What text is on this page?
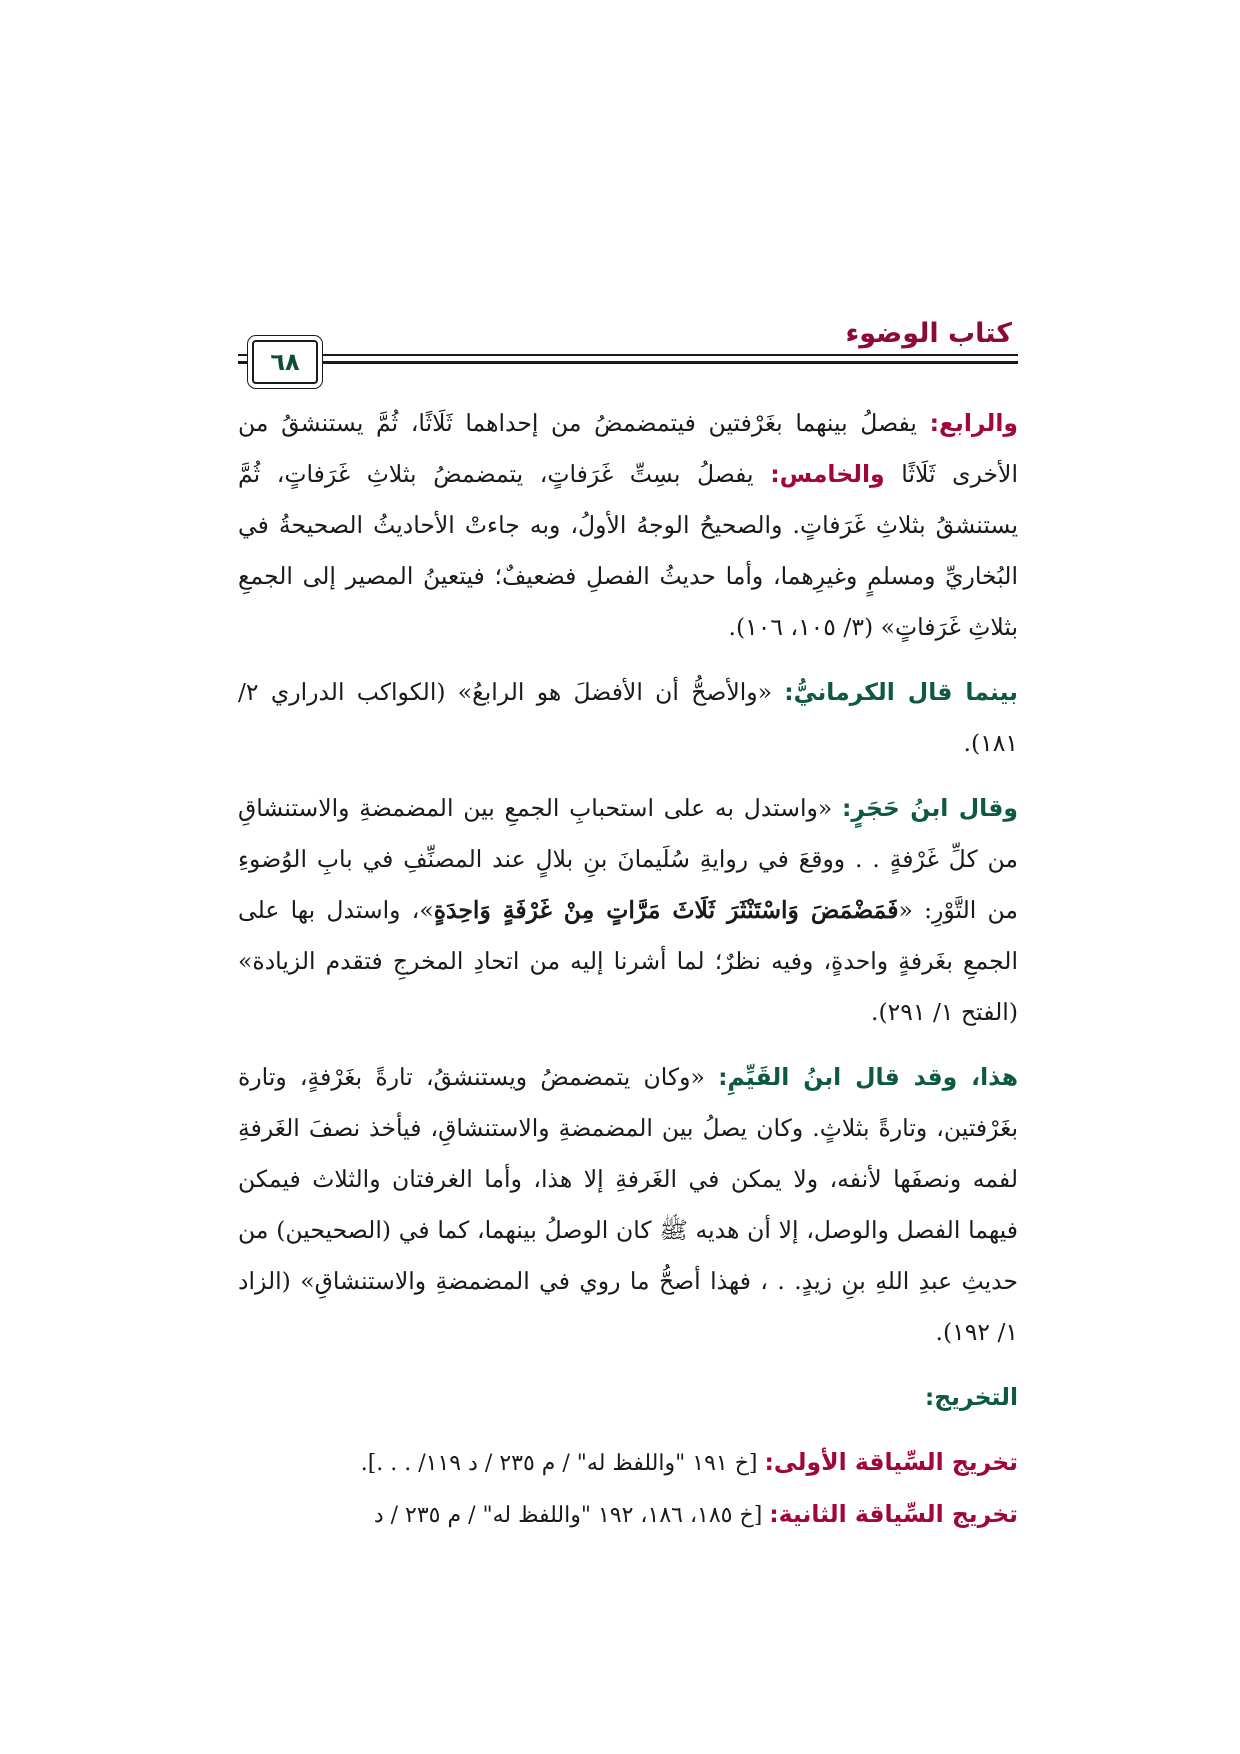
كتاب الوضوء
٦٨

والرابع: يفصلُ بينهما بغَرْفتين فيتمضمضُ من إحداهما ثَلَاثًا، ثُمَّ يستنشقُ من الأخرى ثَلَاثًا والخامس: يفصلُ بسِتِّ غَرَفاتٍ، يتمضمضُ بثلاثِ غَرَفاتٍ، ثُمَّ يستنشقُ بثلاثِ غَرَفاتٍ. والصحيحُ الوجهُ الأولُ، وبه جاءتْ الأحاديثُ الصحيحةُ في البُخاريِّ ومسلمٍ وغيرِهما، وأما حديثُ الفصلِ فضعيفٌ؛ فيتعينُ المصير إلى الجمعِ بثلاثِ غَرَفاتٍ» (٣/ ١٠٥، ١٠٦).

بينما قال الكرمانيُّ: «والأصحُّ أن الأفضلَ هو الرابعُ» (الكواكب الدراري ٢/ ١٨١).

وقال ابنُ حَجَرٍ: «واستدل به على استحبابِ الجمعِ بين المضمضةِ والاستنشاقِ من كلِّ غَرْفةٍ . . ووقعَ في روايةِ سُلَيمانَ بنِ بلالٍ عند المصنِّفِ في بابِ الوُضوءِ من التَّوْرِ: «فَمَضْمَضَ وَاسْتَنْثَرَ ثَلَاثَ مَرَّاتٍ مِنْ غَرْفَةٍ وَاحِدَةٍ»، واستدل بها على الجمعِ بغَرفةٍ واحدةٍ، وفيه نظرٌ؛ لما أشرنا إليه من اتحادِ المخرجِ فتقدم الزيادة» (الفتح ١/ ٢٩١).

هذا، وقد قال ابنُ القَيِّمِ: «وكان يتمضمضُ ويستنشقُ، تارةً بغَرْفةٍ، وتارة بغَرْفتين، وتارةً بثلاثٍ. وكان يصلُ بين المضمضةِ والاستنشاقِ، فيأخذ نصفَ الغَرفةِ لفمه ونصفَها لأنفه، ولا يمكن في الغَرفةِ إلا هذا، وأما الغرفتان والثلاث فيمكن فيهما الفصل والوصل، إلا أن هديه ﷺ كان الوصلُ بينهما، كما في (الصحيحين) من حديثِ عبدِ اللهِ بنِ زيدٍ. . ، فهذا أصحُّ ما روي في المضمضةِ والاستنشاقِ» (الزاد ١/ ١٩٢).

التخريج:

تخريج السِّياقة الأولى: [خ ١٩١ "واللفظ له" / م ٢٣٥ / د ١١٩/ . . .].

تخريج السِّياقة الثانية: [خ ١٨٥، ١٨٦، ١٩٢ "واللفظ له" / م ٢٣٥ / د
